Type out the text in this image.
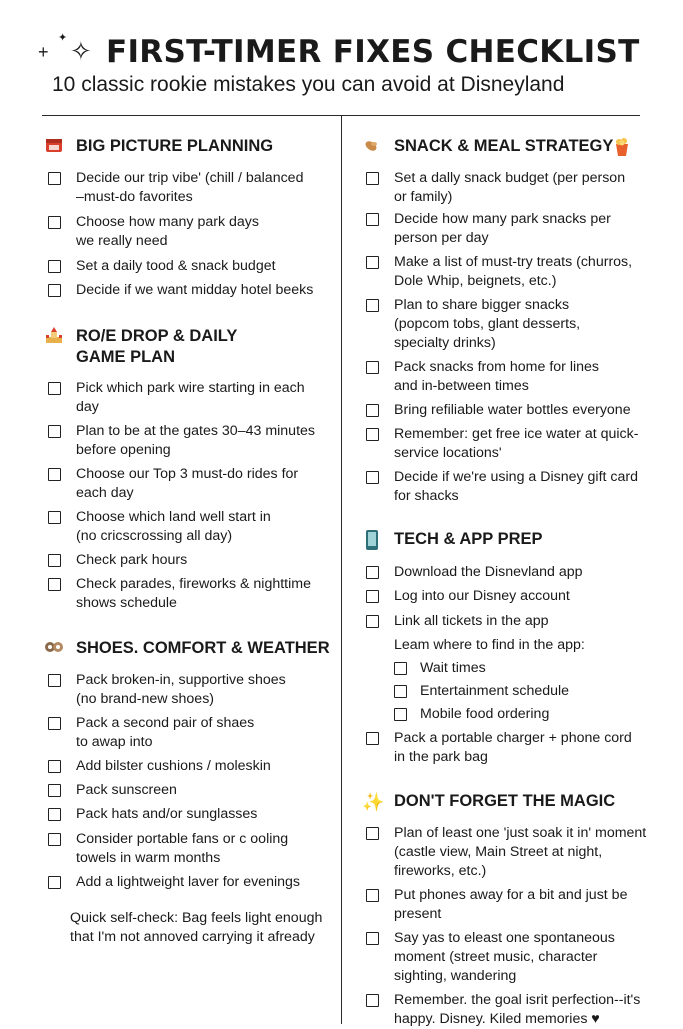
+
✦ ✧ FIRST-TIMER FIXES CHECKLIST
10 classic rookie mistakes you can avoid at Disneyland
BIG PICTURE PLANNING
Decide our trip vibe' (chill / balanced
–must-do favorites
Choose how many park days
we really need
Set a daily tood & snack budget
Decide if we want midday hotel beeks
RO/E DROP & DAILY
GAME PLAN
Pick which park wire starting in each
day
Plan to be at the gates 30–43 minutes
before opening
Choose our Top 3 must-do rides for
each day
Choose which land well start in
(no cricscrossing all day)
Check park hours
Check parades, fireworks & nighttime
shows schedule
SHOES. COMFORT & WEATHER
Pack broken-in, supportive shoes
(no brand-new shoes)
Pack a second pair of shaes
to awap into
Add bilster cushions / moleskin
Pack sunscreen
Pack hats and/or sunglasses
Consider portable fans or c ooling
towels in warm months
Add a lightweight laver for evenings
Quick self-check: Bag feels light enough
that I'm not annoved carrying it afready
SNACK & MEAL STRATEGY
Set a dally snack budget (per person
or family)
Decide how many park snacks per
person per day
Make a list of must-try treats (churros,
Dole Whip, beignets, etc.)
Plan to share bigger snacks
(popcom tobs, glant desserts,
specialty drinks)
Pack snacks from home for lines
and in-between times
Bring refiliable water bottles everyone
Remember: get free ice water at quick-
service locations'
Decide if we're using a Disney gift card
for shacks
TECH & APP PREP
Download the Disnevland app
Log into our Disney account
Link all tickets in the app
Leam where to find in the app:
Wait times
Entertainment schedule
Mobile food ordering
Pack a portable charger + phone cord
in the park bag
✨ DON'T FORGET THE MAGIC
Plan of least one 'just soak it in' moment
(castle view, Main Street at night,
fireworks, etc.)
Put phones away for a bit and just be
present
Say yas to eleast one spontaneous
moment (street music, character
sighting, wandering
Remember. the goal isrit perfection--it's
happy. Disney. Kiled memories ♥
